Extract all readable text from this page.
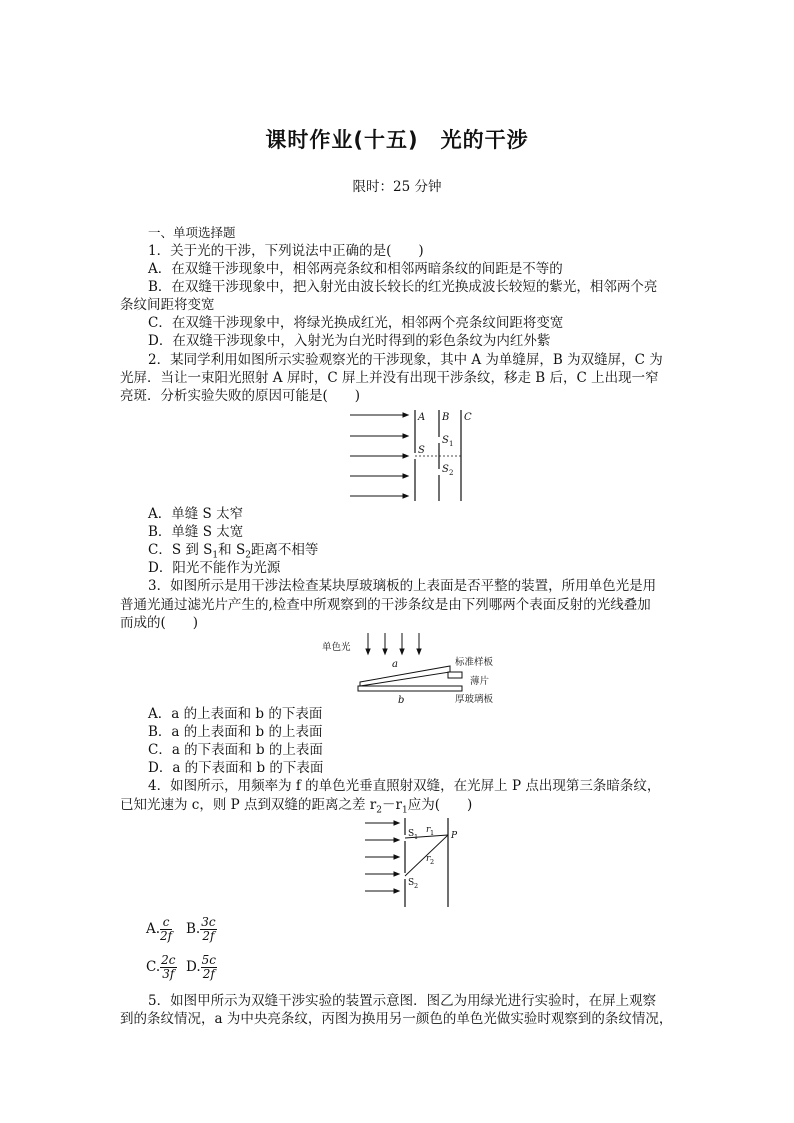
课时作业(十五)　光的干涉
限时：25 分钟
一、单项选择题
1．关于光的干涉，下列说法中正确的是(　　)
A．在双缝干涉现象中，相邻两亮条纹和相邻两暗条纹的间距是不等的
B．在双缝干涉现象中，把入射光由波长较长的红光换成波长较短的紫光，相邻两个亮
条纹间距将变宽
C．在双缝干涉现象中，将绿光换成红光，相邻两个亮条纹间距将变宽
D．在双缝干涉现象中，入射光为白光时得到的彩色条纹为内红外紫
2．某同学利用如图所示实验观察光的干涉现象，其中 A 为单缝屏，B 为双缝屏，C 为
光屏．当让一束阳光照射 A 屏时，C 屏上并没有出现干涉条纹，移走 B 后，C 上出现一窄
亮斑．分析实验失败的原因可能是(　　)
A B C
S
S 1
S 2
A．单缝 S 太窄
B．单缝 S 太宽
C．S 到 $S_1$和 $S_2$距离不相等
D．阳光不能作为光源
3．如图所示是用干涉法检查某块厚玻璃板的上表面是否平整的装置，所用单色光是用
普通光通过滤光片产生的,检查中所观察到的干涉条纹是由下列哪两个表面反射的光线叠加
而成的(　　)
单色光
标准样板
薄片
厚玻璃板
a
b
A．a 的上表面和 b 的下表面
B．a 的上表面和 b 的上表面
C．a 的下表面和 b 的上表面
D．a 的下表面和 b 的下表面
4．如图所示，用频率为 f 的单色光垂直照射双缝，在光屏上 P 点出现第三条暗条纹，
已知光速为 c，则 P 点到双缝的距离之差 $r_2-r_1$应为(　　)
S 1
S 2
r 1
r 2
P
A. $\frac{c}{2f} B$. $\frac{3c}{2f}$
C. $\frac{2c}{3f} D$. $\frac{5c}{2f}$
5．如图甲所示为双缝干涉实验的装置示意图．图乙为用绿光进行实验时，在屏上观察
到的条纹情况，a 为中央亮条纹，丙图为换用另一颜色的单色光做实验时观察到的条纹情况，
